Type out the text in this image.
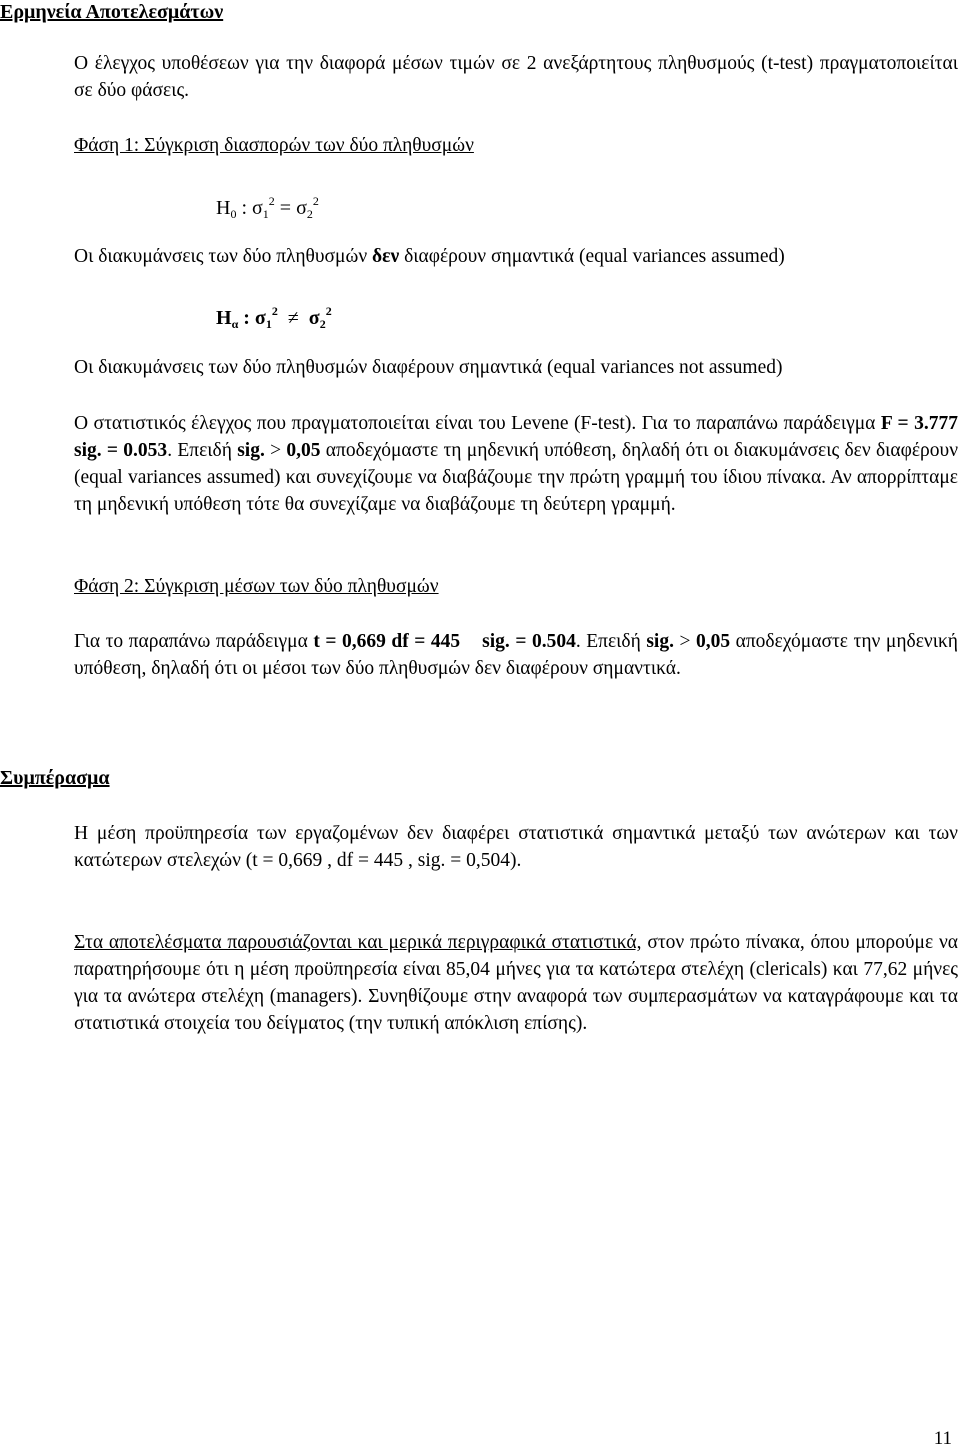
Ερμηνεία Αποτελεσμάτων
Ο έλεγχος υποθέσεων για την διαφορά μέσων τιμών σε 2 ανεξάρτητους πληθυσμούς (t-test) πραγματοποιείται σε δύο φάσεις.
Φάση 1: Σύγκριση διασπορών των δύο πληθυσμών
$H_0$ : $\sigma_1^2 = \sigma_2^2$
Οι διακυμάνσεις των δύο πληθυσμών δεν διαφέρουν σημαντικά (equal variances assumed)
$H_\alpha$ : $\sigma_1^2 \ne \sigma_2^2$
Οι διακυμάνσεις των δύο πληθυσμών διαφέρουν σημαντικά (equal variances not assumed)
Ο στατιστικός έλεγχος που πραγματοποιείται είναι του Levene (F-test). Για το παραπάνω παράδειγμα F = 3.777 sig. = 0.053. Επειδή sig. > 0,05 αποδεχόμαστε τη μηδενική υπόθεση, δηλαδή ότι οι διακυμάνσεις δεν διαφέρουν (equal variances assumed) και συνεχίζουμε να διαβάζουμε την πρώτη γραμμή του ίδιου πίνακα. Αν απορρίπταμε τη μηδενική υπόθεση τότε θα συνεχίζαμε να διαβάζουμε τη δεύτερη γραμμή.
Φάση 2: Σύγκριση μέσων των δύο πληθυσμών
Για το παραπάνω παράδειγμα t = 0,669 df = 445 sig. = 0.504. Επειδή sig. > 0,05 αποδεχόμαστε την μηδενική υπόθεση, δηλαδή ότι οι μέσοι των δύο πληθυσμών δεν διαφέρουν σημαντικά.
Συμπέρασμα
Η μέση προϋπηρεσία των εργαζομένων δεν διαφέρει στατιστικά σημαντικά μεταξύ των ανώτερων και των κατώτερων στελεχών (t = 0,669 , df = 445 , sig. = 0,504).
Στα αποτελέσματα παρουσιάζονται και μερικά περιγραφικά στατιστικά, στον πρώτο πίνακα, όπου μπορούμε να παρατηρήσουμε ότι η μέση προϋπηρεσία είναι 85,04 μήνες για τα κατώτερα στελέχη (clericals) και 77,62 μήνες για τα ανώτερα στελέχη (managers). Συνηθίζουμε στην αναφορά των συμπερασμάτων να καταγράφουμε και τα στατιστικά στοιχεία του δείγματος (την τυπική απόκλιση επίσης).
11
